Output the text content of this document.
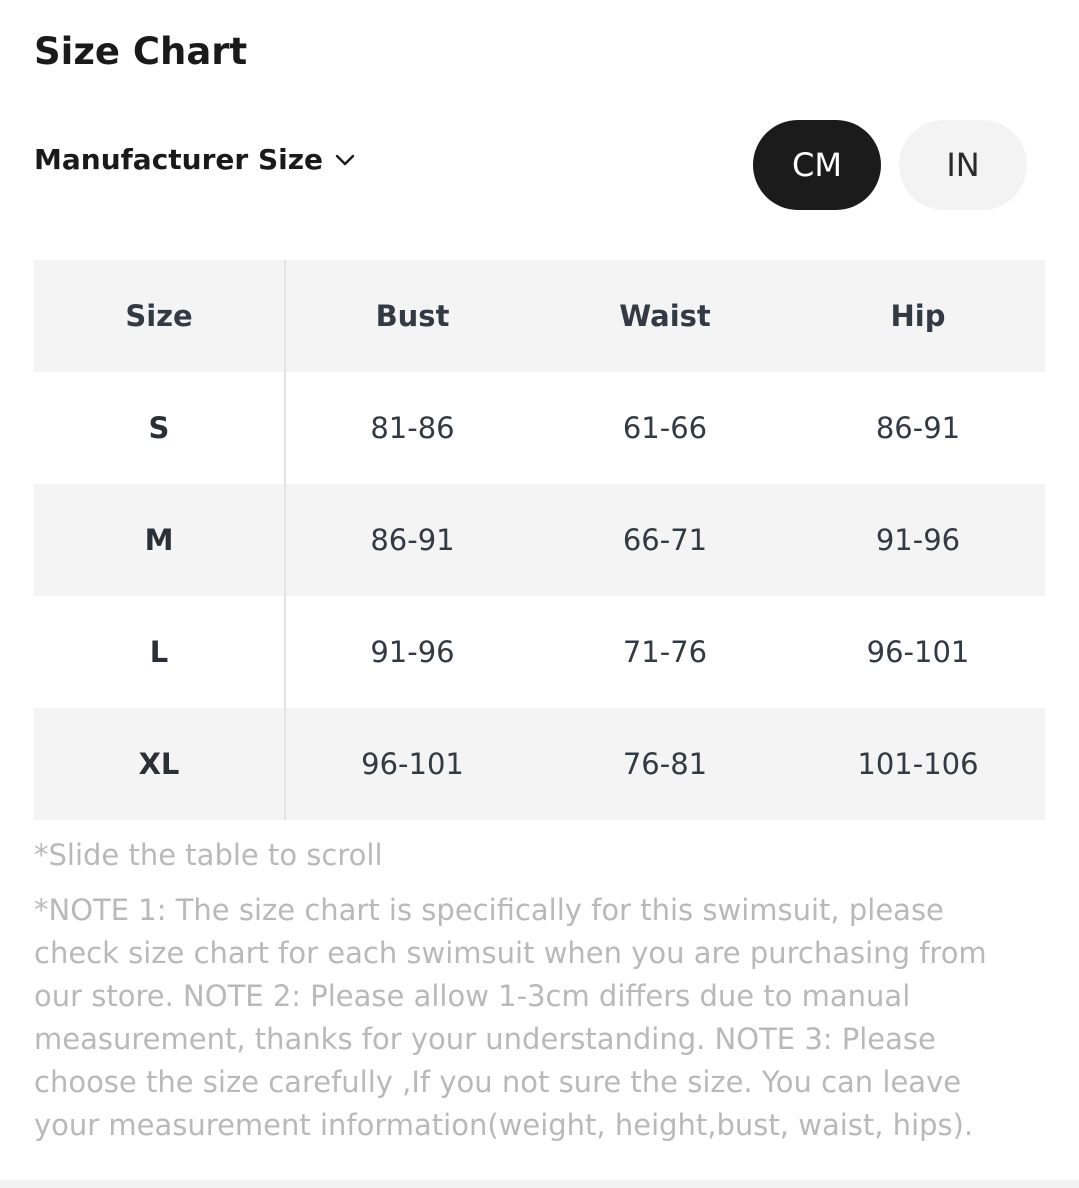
Size Chart
Manufacturer Size	CM	IN
Size	Bust	Waist	Hip
S	81-86	61-66	86-91
M	86-91	66-71	91-96
L	91-96	71-76	96-101
XL	96-101	76-81	101-106

*Slide the table to scroll

*NOTE 1: The size chart is specifically for this swimsuit, please check size chart for each swimsuit when you are purchasing from our store. NOTE 2: Please allow 1-3cm differs due to manual measurement, thanks for your understanding. NOTE 3: Please choose the size carefully ,If you not sure the size. You can leave your measurement information(weight, height,bust, waist, hips).
